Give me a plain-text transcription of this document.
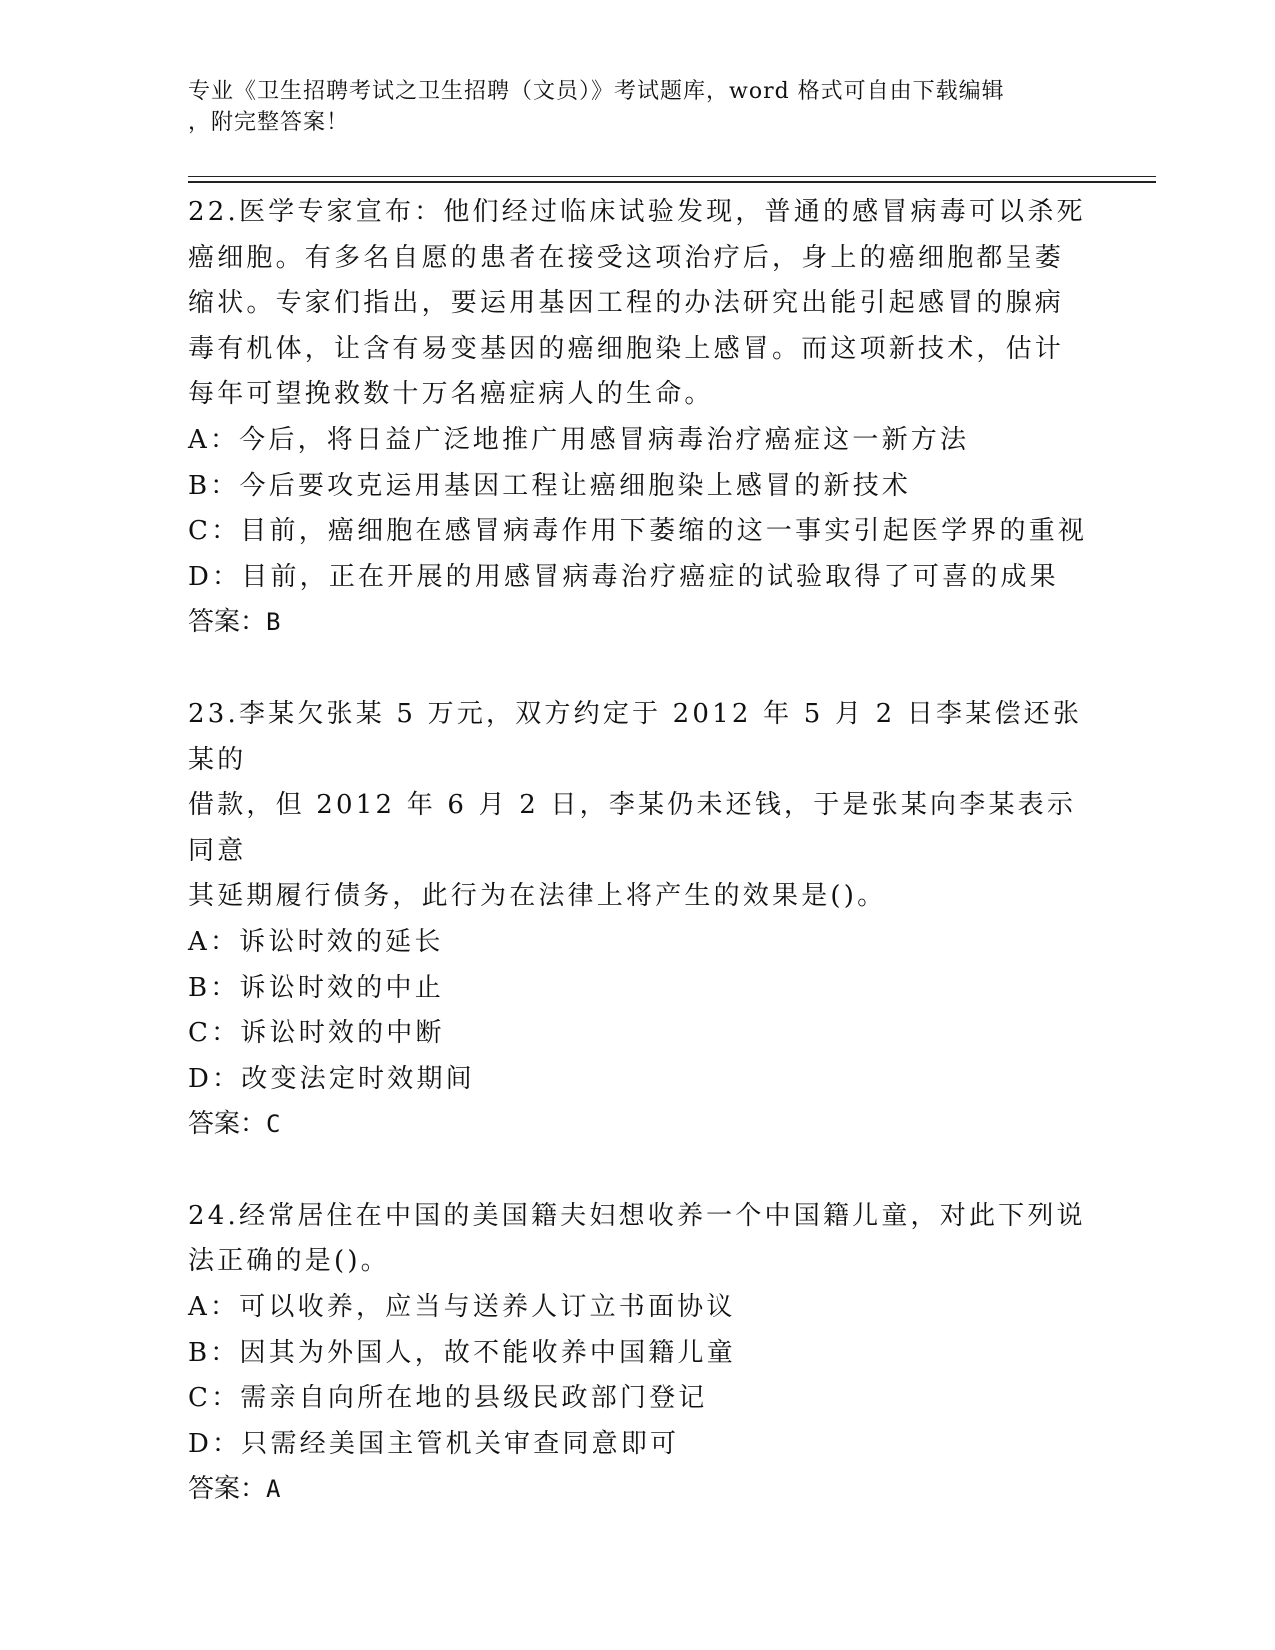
专业《卫生招聘考试之卫生招聘（文员）》考试题库，word 格式可自由下载编辑
，附完整答案！

22.医学专家宣布：他们经过临床试验发现，普通的感冒病毒可以杀死

癌细胞。有多名自愿的患者在接受这项治疗后，身上的癌细胞都呈萎

缩状。专家们指出，要运用基因工程的办法研究出能引起感冒的腺病

毒有机体，让含有易变基因的癌细胞染上感冒。而这项新技术，估计

每年可望挽救数十万名癌症病人的生命。

A：今后，将日益广泛地推广用感冒病毒治疗癌症这一新方法

B：今后要攻克运用基因工程让癌细胞染上感冒的新技术

C：目前，癌细胞在感冒病毒作用下萎缩的这一事实引起医学界的重视

D：目前，正在开展的用感冒病毒治疗癌症的试验取得了可喜的成果

答案：B

23.李某欠张某 5 万元，双方约定于 2012 年 5 月 2 日李某偿还张某的

借款，但 2012 年 6 月 2 日，李某仍未还钱，于是张某向李某表示同意

其延期履行债务，此行为在法律上将产生的效果是()。

A：诉讼时效的延长

B：诉讼时效的中止

C：诉讼时效的中断

D：改变法定时效期间

答案：C

24.经常居住在中国的美国籍夫妇想收养一个中国籍儿童，对此下列说

法正确的是()。

A：可以收养，应当与送养人订立书面协议

B：因其为外国人，故不能收养中国籍儿童

C：需亲自向所在地的县级民政部门登记

D：只需经美国主管机关审查同意即可

答案：A
